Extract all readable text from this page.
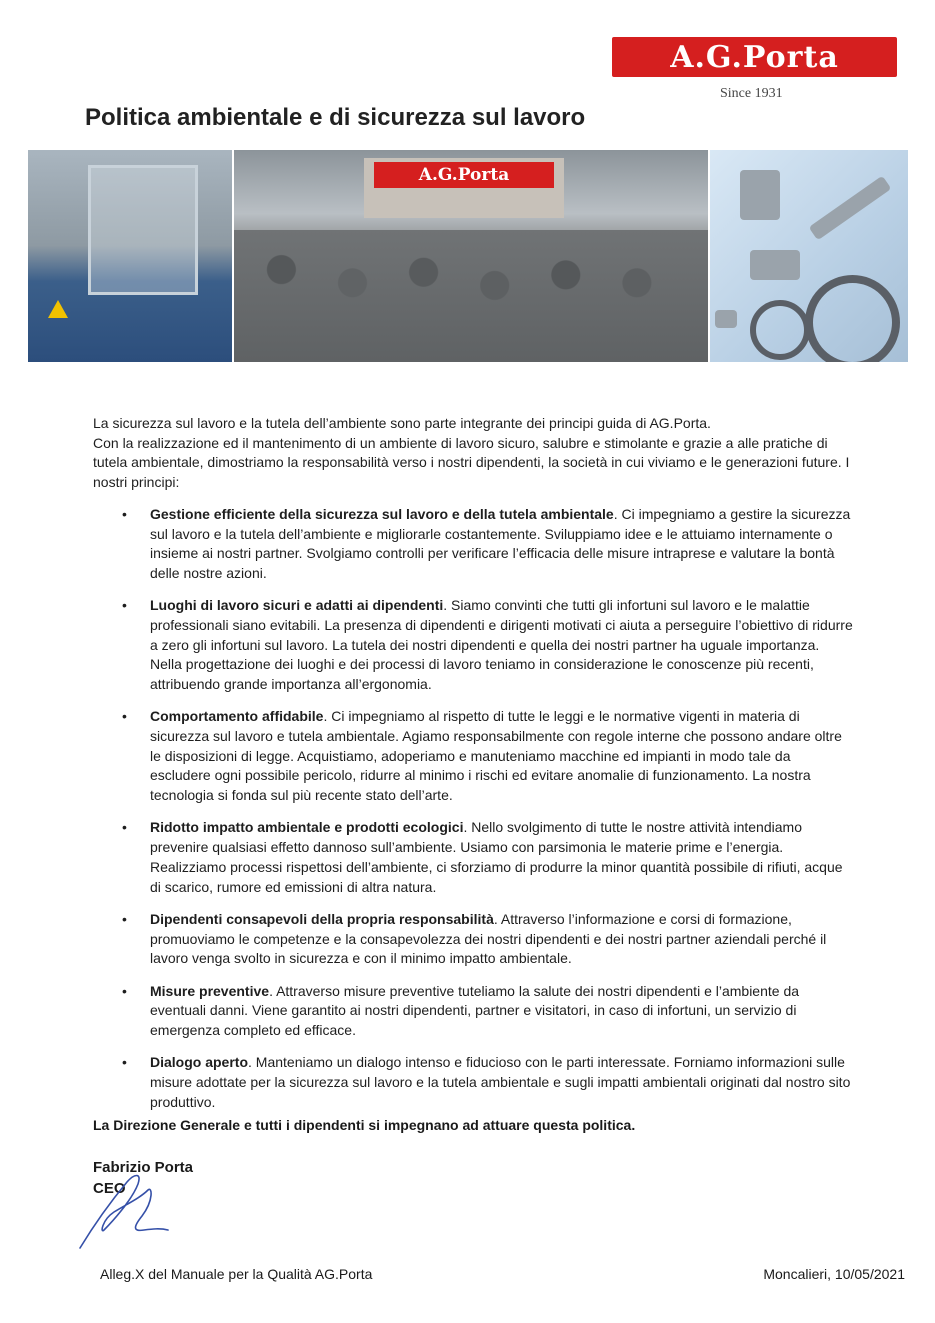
A.G.Porta
Since 1931
Politica ambientale e di sicurezza sul lavoro
A.G.Porta

La sicurezza sul lavoro e la tutela dell’ambiente sono parte integrante dei principi guida di AG.Porta.

Con la realizzazione ed il mantenimento di un ambiente di lavoro sicuro, salubre e stimolante e grazie a alle pratiche di tutela ambientale, dimostriamo la responsabilità verso i nostri dipendenti, la società in cui viviamo e le generazioni future. I nostri principi:

• Gestione efficiente della sicurezza sul lavoro e della tutela ambientale. Ci impegniamo a gestire la sicurezza sul lavoro e la tutela dell’ambiente e migliorarle costantemente. Sviluppiamo idee e le attuiamo internamente o insieme ai nostri partner. Svolgiamo controlli per verificare l’efficacia delle misure intraprese e valutare la bontà delle nostre azioni.
• Luoghi di lavoro sicuri e adatti ai dipendenti. Siamo convinti che tutti gli infortuni sul lavoro e le malattie professionali siano evitabili. La presenza di dipendenti e dirigenti motivati ci aiuta a perseguire l’obiettivo di ridurre a zero gli infortuni sul lavoro. La tutela dei nostri dipendenti e quella dei nostri partner ha uguale importanza. Nella progettazione dei luoghi e dei processi di lavoro teniamo in considerazione le conoscenze più recenti, attribuendo grande importanza all’ergonomia.
• Comportamento affidabile. Ci impegniamo al rispetto di tutte le leggi e le normative vigenti in materia di sicurezza sul lavoro e tutela ambientale. Agiamo responsabilmente con regole interne che possono andare oltre le disposizioni di legge. Acquistiamo, adoperiamo e manuteniamo macchine ed impianti in modo tale da escludere ogni possibile pericolo, ridurre al minimo i rischi ed evitare anomalie di funzionamento. La nostra tecnologia si fonda sul più recente stato dell’arte.
• Ridotto impatto ambientale e prodotti ecologici. Nello svolgimento di tutte le nostre attività intendiamo prevenire qualsiasi effetto dannoso sull’ambiente. Usiamo con parsimonia le materie prime e l’energia. Realizziamo processi rispettosi dell’ambiente, ci sforziamo di produrre la minor quantità possibile di rifiuti, acque di scarico, rumore ed emissioni di altra natura.
• Dipendenti consapevoli della propria responsabilità. Attraverso l’informazione e corsi di formazione, promuoviamo le competenze e la consapevolezza dei nostri dipendenti e dei nostri partner aziendali perché il lavoro venga svolto in sicurezza e con il minimo impatto ambientale.
• Misure preventive. Attraverso misure preventive tuteliamo la salute dei nostri dipendenti e l’ambiente da eventuali danni. Viene garantito ai nostri dipendenti, partner e visitatori, in caso di infortuni, un servizio di emergenza completo ed efficace.
• Dialogo aperto. Manteniamo un dialogo intenso e fiducioso con le parti interessate. Forniamo informazioni sulle misure adottate per la sicurezza sul lavoro e la tutela ambientale e sugli impatti ambientali originati dal nostro sito produttivo.
La Direzione Generale e tutti i dipendenti si impegnano ad attuare questa politica.
Fabrizio Porta
CEO
Alleg.X del Manuale per la Qualità AG.Porta	Moncalieri, 10/05/2021
